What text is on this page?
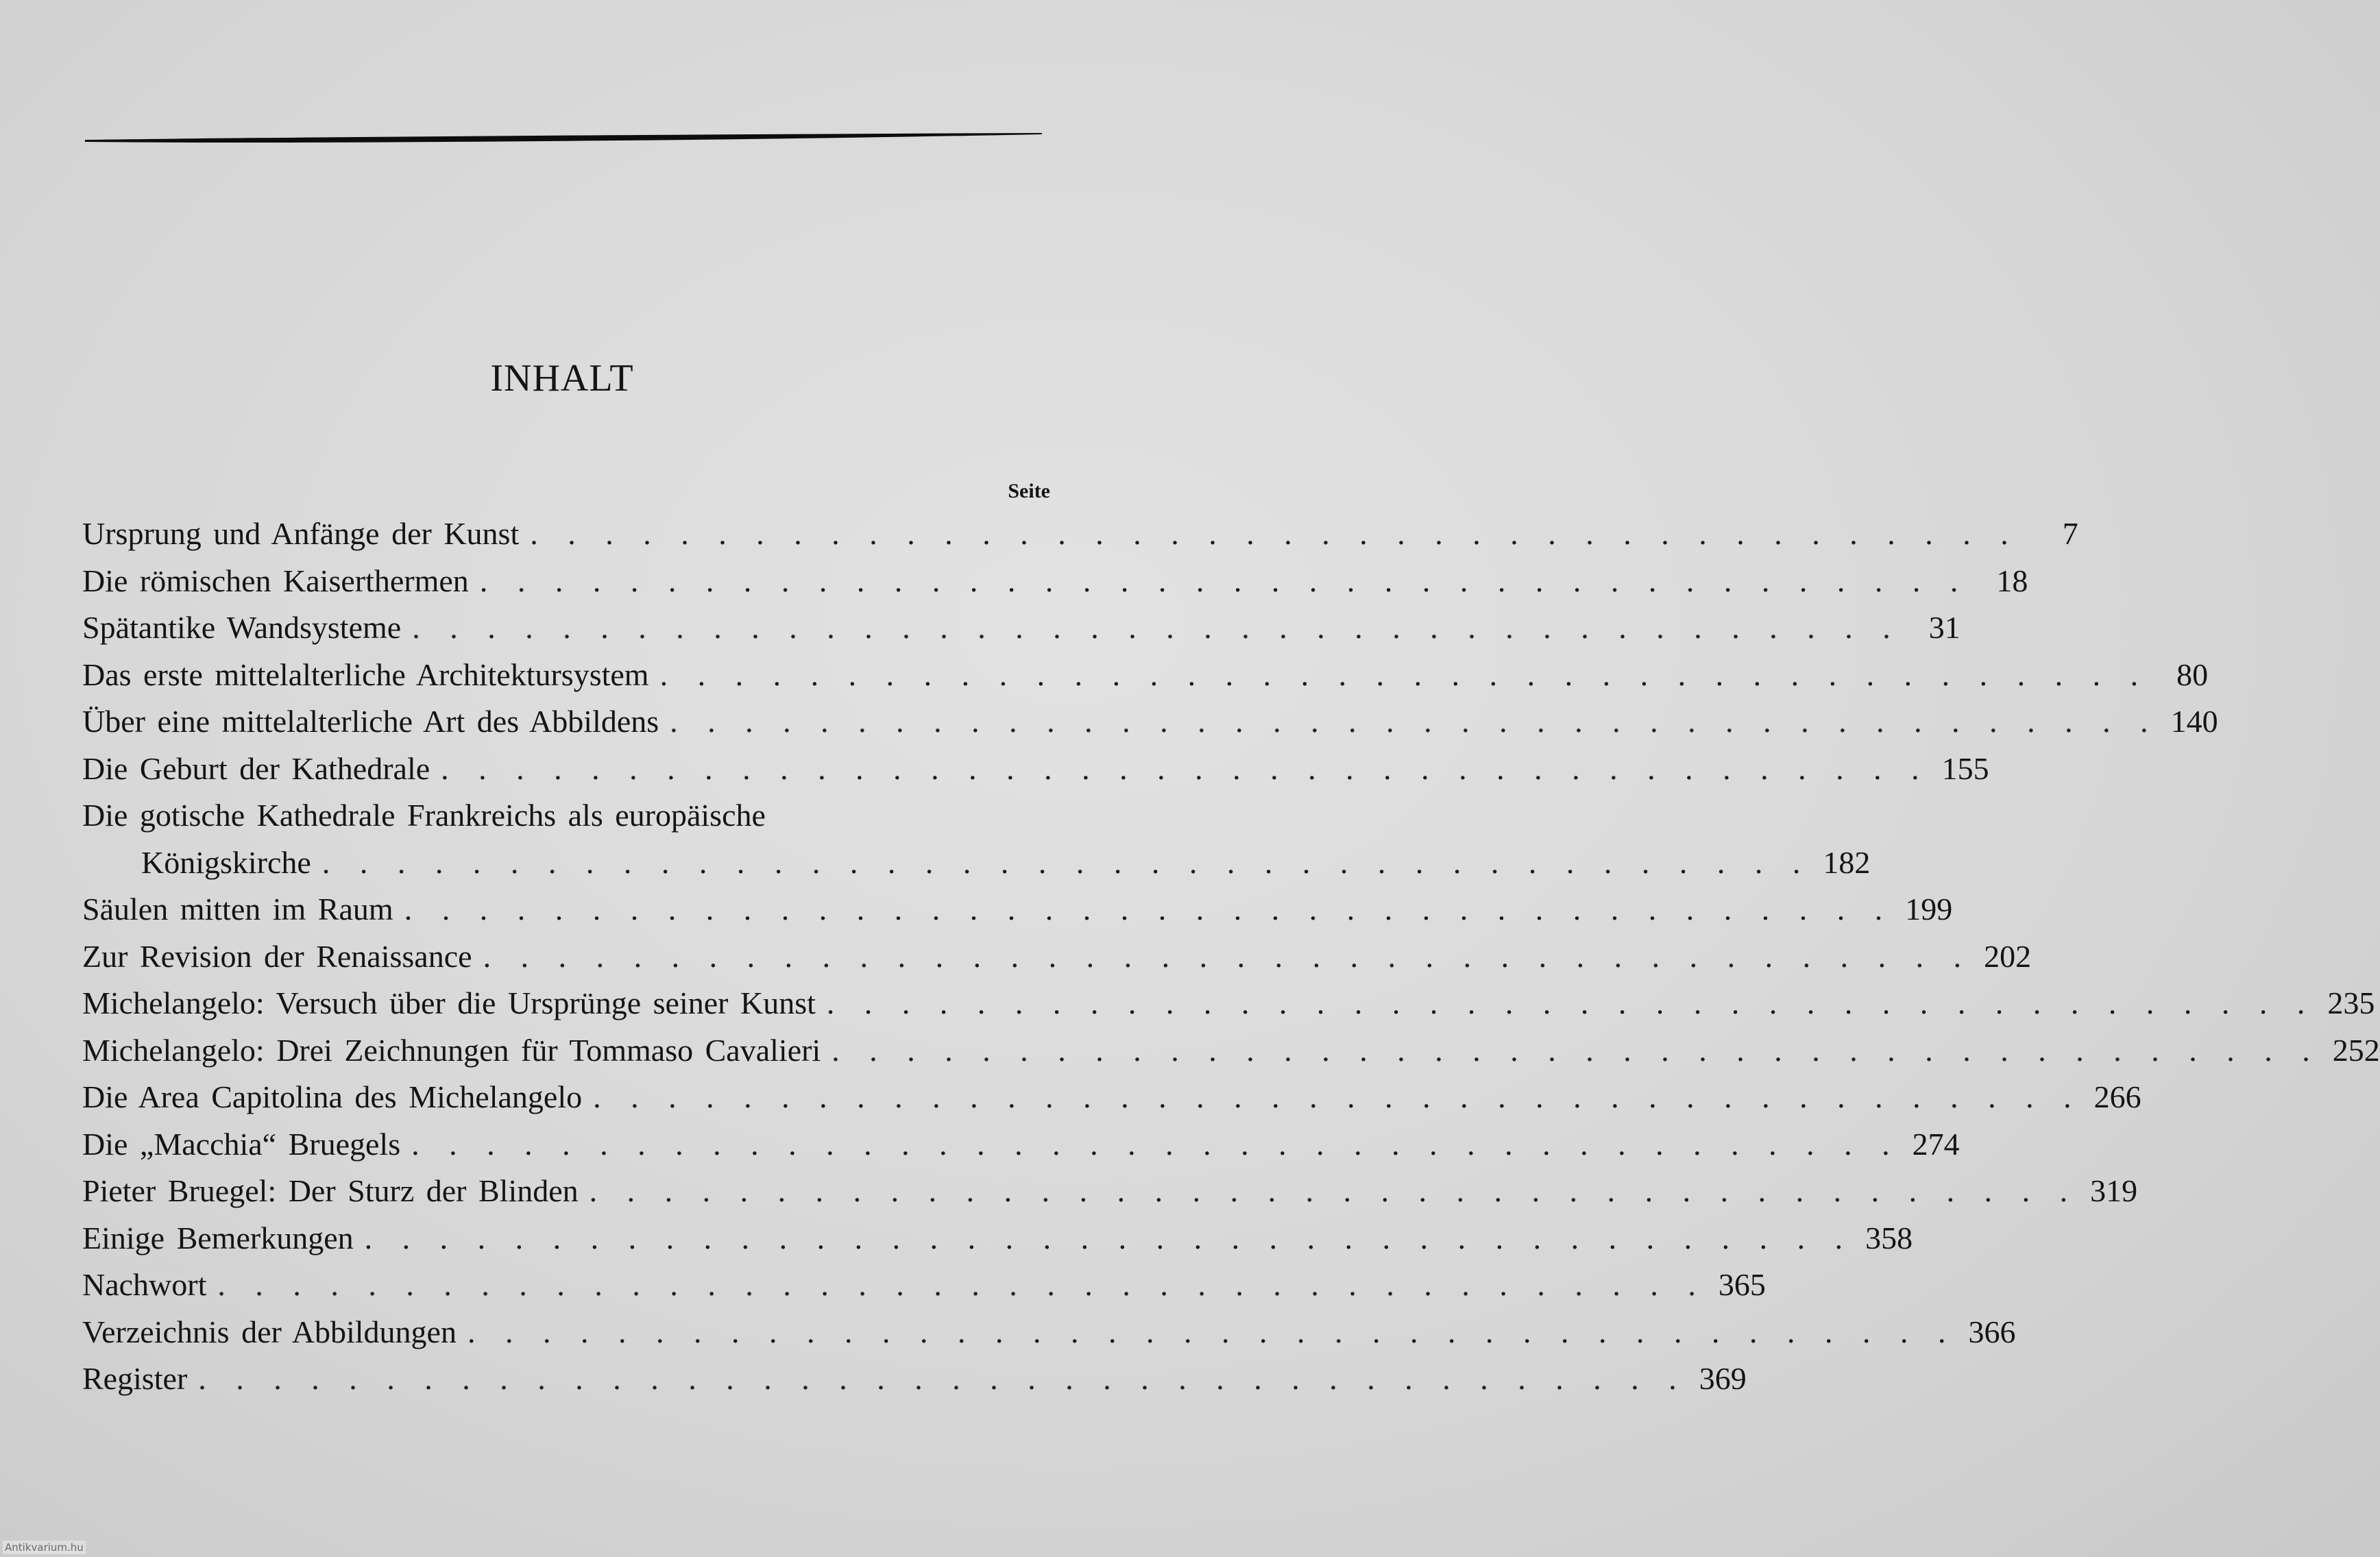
INHALT
Seite
Ursprung und Anfänge der Kunst . . . . . . . . . . . . . . . . . . . . . . . . . . . . . . . . . . . . . . . .	7
Die römischen Kaiserthermen . . . . . . . . . . . . . . . . . . . . . . . . . . . . . . . . . . . . . . . . 18
Spätantike Wandsysteme . . . . . . . . . . . . . . . . . . . . . . . . . . . . . . . . . . . . . . . . 31
Das erste mittelalterliche Architektursystem . . . . . . . . . . . . . . . . . . . . . . . . . . . . . . . . . . . . . . . . 80
Über eine mittelalterliche Art des Abbildens . . . . . . . . . . . . . . . . . . . . . . . . . . . . . . . . . . . . . . . . 140
Die Geburt der Kathedrale . . . . . . . . . . . . . . . . . . . . . . . . . . . . . . . . . . . . . . . . 155
Die gotische Kathedrale Frankreichs als europäische
Königskirche . . . . . . . . . . . . . . . . . . . . . . . . . . . . . . . . . . . . . . . . 182
Säulen mitten im Raum . . . . . . . . . . . . . . . . . . . . . . . . . . . . . . . . . . . . . . . . 199
Zur Revision der Renaissance . . . . . . . . . . . . . . . . . . . . . . . . . . . . . . . . . . . . . . . . 202
Michelangelo: Versuch über die Ursprünge seiner Kunst . . . . . . . . . . . . . . . . . . . . . . . . . . . . . . . . . . . . . . . . 235
Michelangelo: Drei Zeichnungen für Tommaso Cavalieri . . . . . . . . . . . . . . . . . . . . . . . . . . . . . . . . . . . . . . . . 252
Die Area Capitolina des Michelangelo . . . . . . . . . . . . . . . . . . . . . . . . . . . . . . . . . . . . . . . . 266
Die „Macchia“ Bruegels . . . . . . . . . . . . . . . . . . . . . . . . . . . . . . . . . . . . . . . . 274
Pieter Bruegel: Der Sturz der Blinden . . . . . . . . . . . . . . . . . . . . . . . . . . . . . . . . . . . . . . . . 319
Einige Bemerkungen . . . . . . . . . . . . . . . . . . . . . . . . . . . . . . . . . . . . . . . . 358
Nachwort . . . . . . . . . . . . . . . . . . . . . . . . . . . . . . . . . . . . . . . . 365
Verzeichnis der Abbildungen . . . . . . . . . . . . . . . . . . . . . . . . . . . . . . . . . . . . . . . . 366
Register . . . . . . . . . . . . . . . . . . . . . . . . . . . . . . . . . . . . . . . . 369
Antikvarium.hu
